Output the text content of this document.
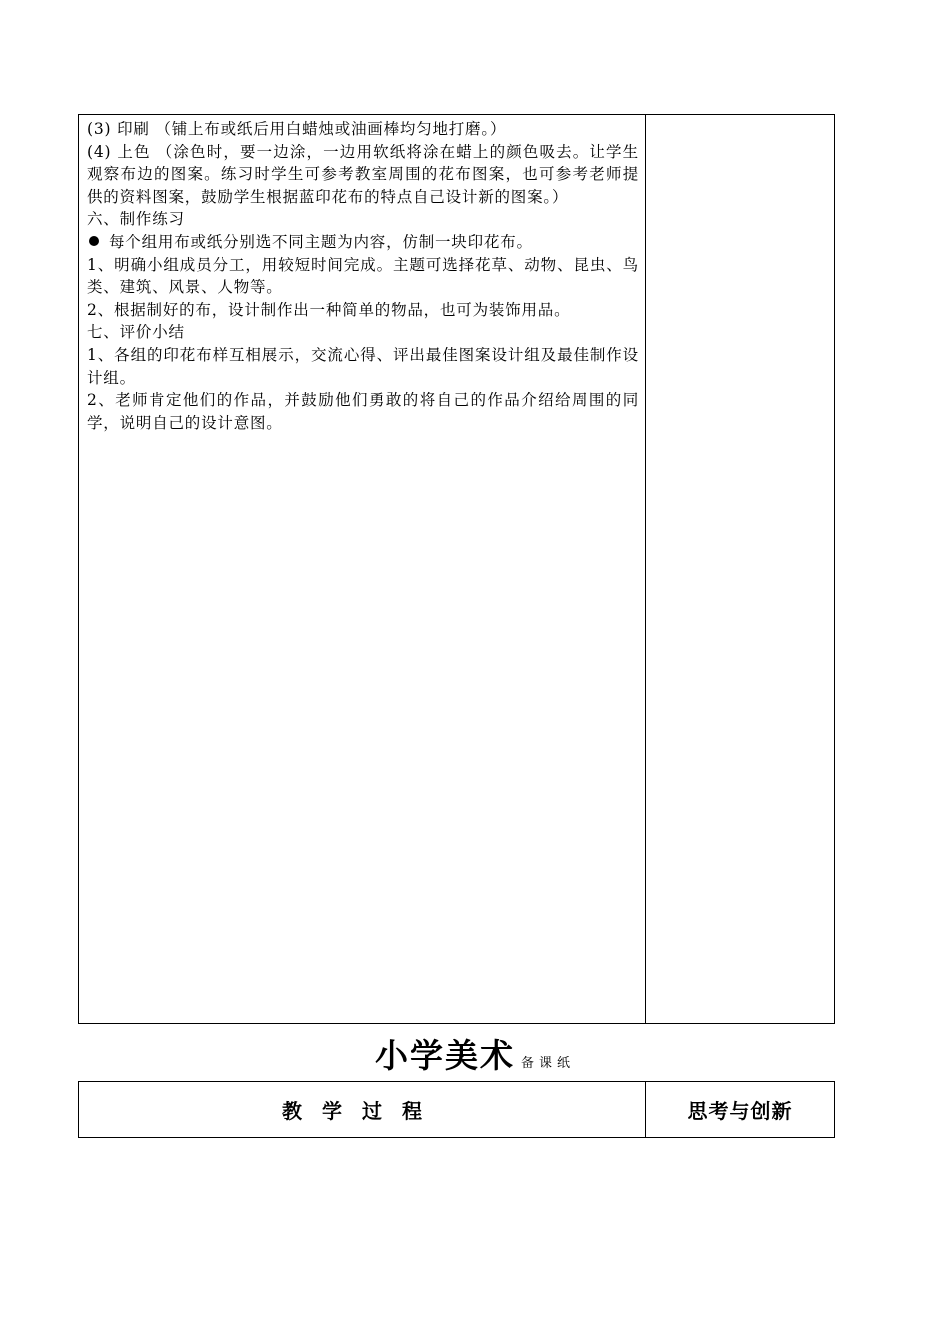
(3) 印刷 （铺上布或纸后用白蜡烛或油画棒均匀地打磨。）

(4) 上色 （涂色时，要一边涂，一边用软纸将涂在蜡上的颜色吸去。让学生观察布边的图案。练习时学生可参考教室周围的花布图案，也可参考老师提供的资料图案，鼓励学生根据蓝印花布的特点自己设计新的图案。）

六、制作练习

每个组用布或纸分别选不同主题为内容，仿制一块印花布。

1、明确小组成员分工，用较短时间完成。主题可选择花草、动物、昆虫、鸟类、建筑、风景、人物等。

2、根据制好的布，设计制作出一种简单的物品，也可为装饰用品。

七、评价小结

1、各组的印花布样互相展示，交流心得、评出最佳图案设计组及最佳制作设计组。

2、老师肯定他们的作品，并鼓励他们勇敢的将自己的作品介绍给周围的同学，说明自己的设计意图。

小学美术 备课纸
教学过程	思考与创新
